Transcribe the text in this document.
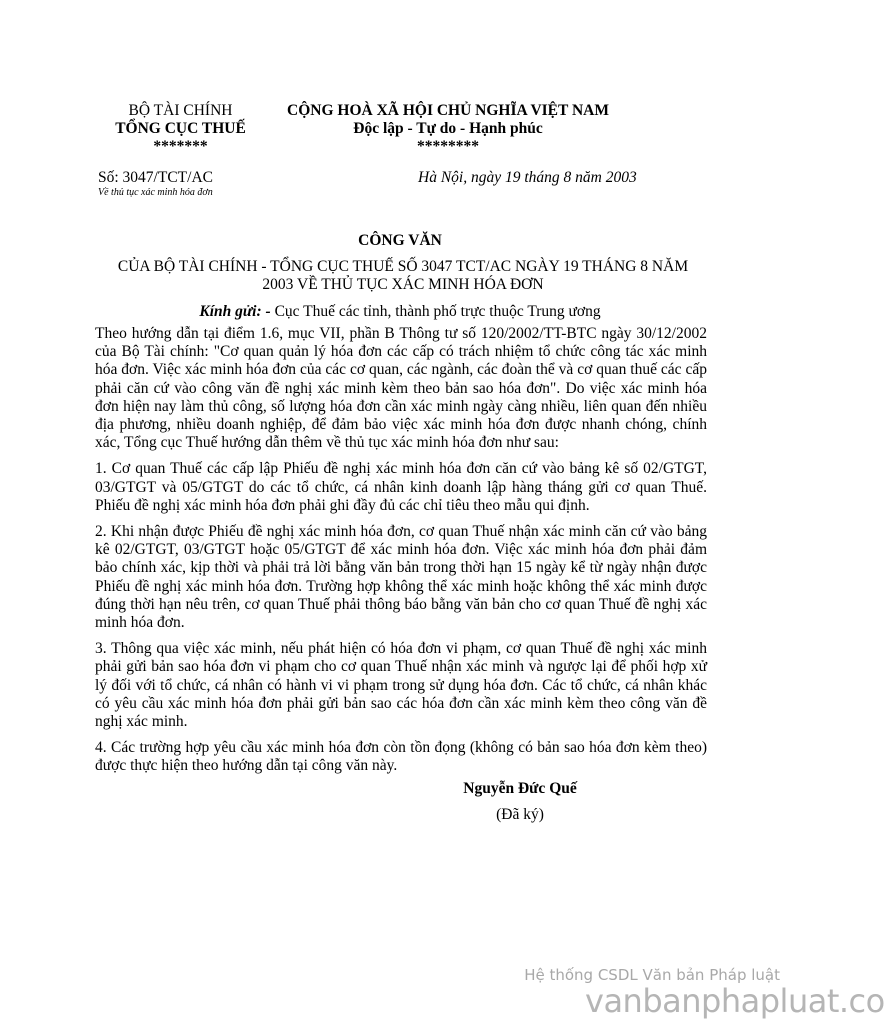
BỘ TÀI CHÍNH
TỔNG CỤC THUẾ
*******
CỘNG HOÀ XÃ HỘI CHỦ NGHĨA VIỆT NAM
Độc lập - Tự do - Hạnh phúc
********
Số: 3047/TCT/AC
Về thủ tục xác minh hóa đơn
Hà Nội, ngày 19 tháng 8 năm 2003
CÔNG VĂN
CỦA BỘ TÀI CHÍNH - TỔNG CỤC THUẾ SỐ 3047 TCT/AC NGÀY 19 THÁNG 8 NĂM
2003 VỀ THỦ TỤC XÁC MINH HÓA ĐƠN
Kính gửi: - Cục Thuế các tỉnh, thành phố trực thuộc Trung ương

Theo hướng dẫn tại điểm 1.6, mục VII, phần B Thông tư số 120/2002/TT-BTC ngày 30/12/2002 của Bộ Tài chính: "Cơ quan quản lý hóa đơn các cấp có trách nhiệm tổ chức công tác xác minh hóa đơn. Việc xác minh hóa đơn của các cơ quan, các ngành, các đoàn thể và cơ quan thuế các cấp phải căn cứ vào công văn đề nghị xác minh kèm theo bản sao hóa đơn". Do việc xác minh hóa đơn hiện nay làm thủ công, số lượng hóa đơn cần xác minh ngày càng nhiều, liên quan đến nhiều địa phương, nhiều doanh nghiệp, để đảm bảo việc xác minh hóa đơn được nhanh chóng, chính xác, Tổng cục Thuế hướng dẫn thêm về thủ tục xác minh hóa đơn như sau:

1. Cơ quan Thuế các cấp lập Phiếu đề nghị xác minh hóa đơn căn cứ vào bảng kê số 02/GTGT, 03/GTGT và 05/GTGT do các tổ chức, cá nhân kinh doanh lập hàng tháng gửi cơ quan Thuế. Phiếu đề nghị xác minh hóa đơn phải ghi đầy đủ các chỉ tiêu theo mẫu qui định.

2. Khi nhận được Phiếu đề nghị xác minh hóa đơn, cơ quan Thuế nhận xác minh căn cứ vào bảng kê 02/GTGT, 03/GTGT hoặc 05/GTGT để xác minh hóa đơn. Việc xác minh hóa đơn phải đảm bảo chính xác, kịp thời và phải trả lời bằng văn bản trong thời hạn 15 ngày kể từ ngày nhận được Phiếu đề nghị xác minh hóa đơn. Trường hợp không thể xác minh hoặc không thể xác minh được đúng thời hạn nêu trên, cơ quan Thuế phải thông báo bằng văn bản cho cơ quan Thuế đề nghị xác minh hóa đơn.

3. Thông qua việc xác minh, nếu phát hiện có hóa đơn vi phạm, cơ quan Thuế đề nghị xác minh phải gửi bản sao hóa đơn vi phạm cho cơ quan Thuế nhận xác minh và ngược lại để phối hợp xử lý đối với tổ chức, cá nhân có hành vi vi phạm trong sử dụng hóa đơn. Các tổ chức, cá nhân khác có yêu cầu xác minh hóa đơn phải gửi bản sao các hóa đơn cần xác minh kèm theo công văn đề nghị xác minh.

4. Các trường hợp yêu cầu xác minh hóa đơn còn tồn đọng (không có bản sao hóa đơn kèm theo) được thực hiện theo hướng dẫn tại công văn này.

Nguyễn Đức Quế
(Đã ký)
Hệ thống CSDL Văn bản Pháp luật
vanbanphapluat.co
